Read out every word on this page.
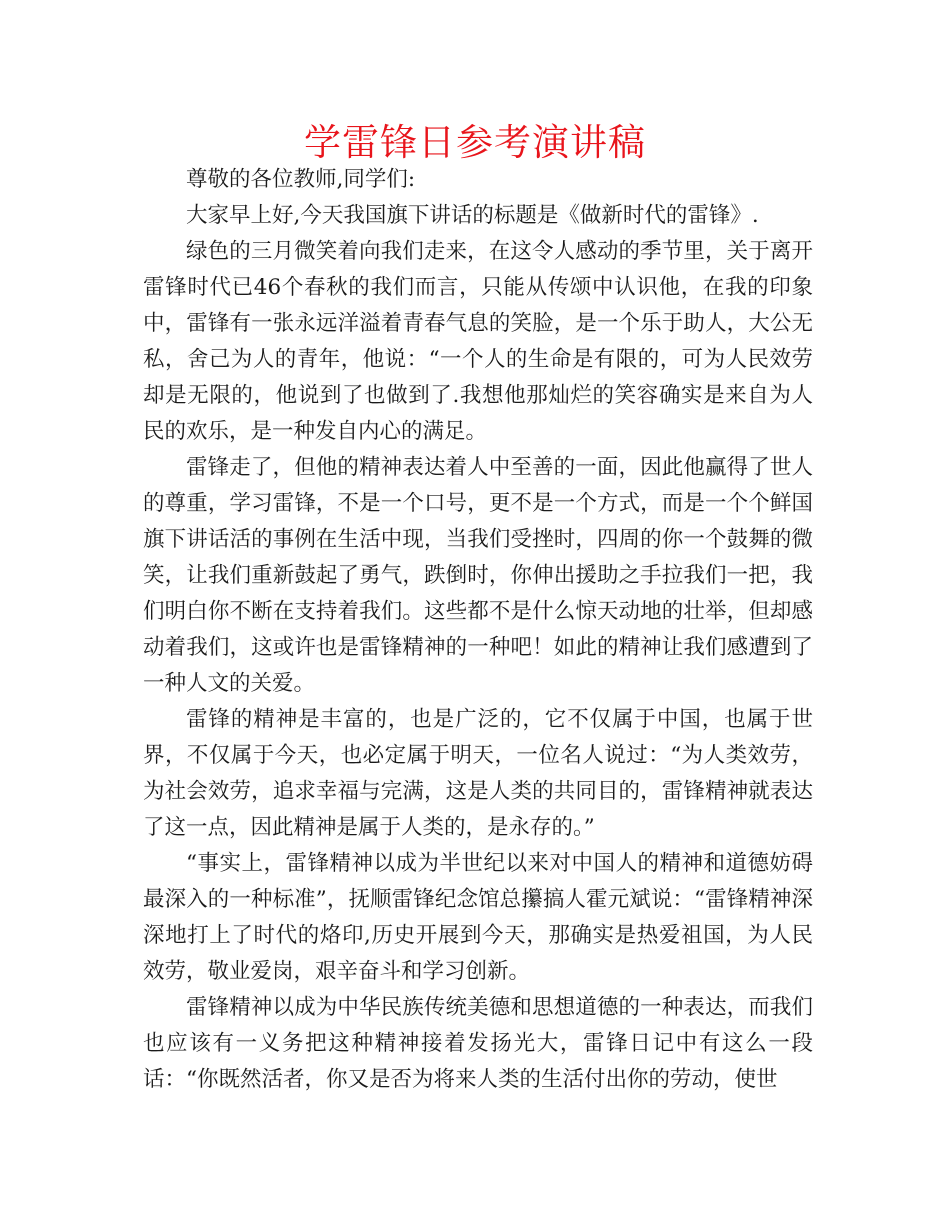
学雷锋日参考演讲稿

尊敬的各位教师,同学们:

大家早上好,今天我国旗下讲话的标题是《做新时代的雷锋》.

绿色的三月微笑着向我们走来，在这令人感动的季节里，关于离开雷锋时代已46个春秋的我们而言，只能从传颂中认识他，在我的印象中，雷锋有一张永远洋溢着青春气息的笑脸，是一个乐于助人，大公无私，舍己为人的青年，他说：“一个人的生命是有限的，可为人民效劳却是无限的，他说到了也做到了.我想他那灿烂的笑容确实是来自为人民的欢乐，是一种发自内心的满足。

雷锋走了，但他的精神表达着人中至善的一面，因此他赢得了世人的尊重，学习雷锋，不是一个口号，更不是一个方式，而是一个个鲜国旗下讲话活的事例在生活中现，当我们受挫时，四周的你一个鼓舞的微笑，让我们重新鼓起了勇气，跌倒时，你伸出援助之手拉我们一把，我们明白你不断在支持着我们。这些都不是什么惊天动地的壮举，但却感动着我们，这或许也是雷锋精神的一种吧！如此的精神让我们感遭到了一种人文的关爱。

雷锋的精神是丰富的，也是广泛的，它不仅属于中国，也属于世界，不仅属于今天，也必定属于明天，一位名人说过：“为人类效劳，为社会效劳，追求幸福与完满，这是人类的共同目的，雷锋精神就表达了这一点，因此精神是属于人类的，是永存的。”

“事实上，雷锋精神以成为半世纪以来对中国人的精神和道德妨碍最深入的一种标准”，抚顺雷锋纪念馆总攥搞人霍元斌说：“雷锋精神深深地打上了时代的烙印,历史开展到今天，那确实是热爱祖国，为人民效劳，敬业爱岗，艰辛奋斗和学习创新。

雷锋精神以成为中华民族传统美德和思想道德的一种表达，而我们也应该有一义务把这种精神接着发扬光大，雷锋日记中有这么一段话：“你既然活者，你又是否为将来人类的生活付出你的劳动，使世
